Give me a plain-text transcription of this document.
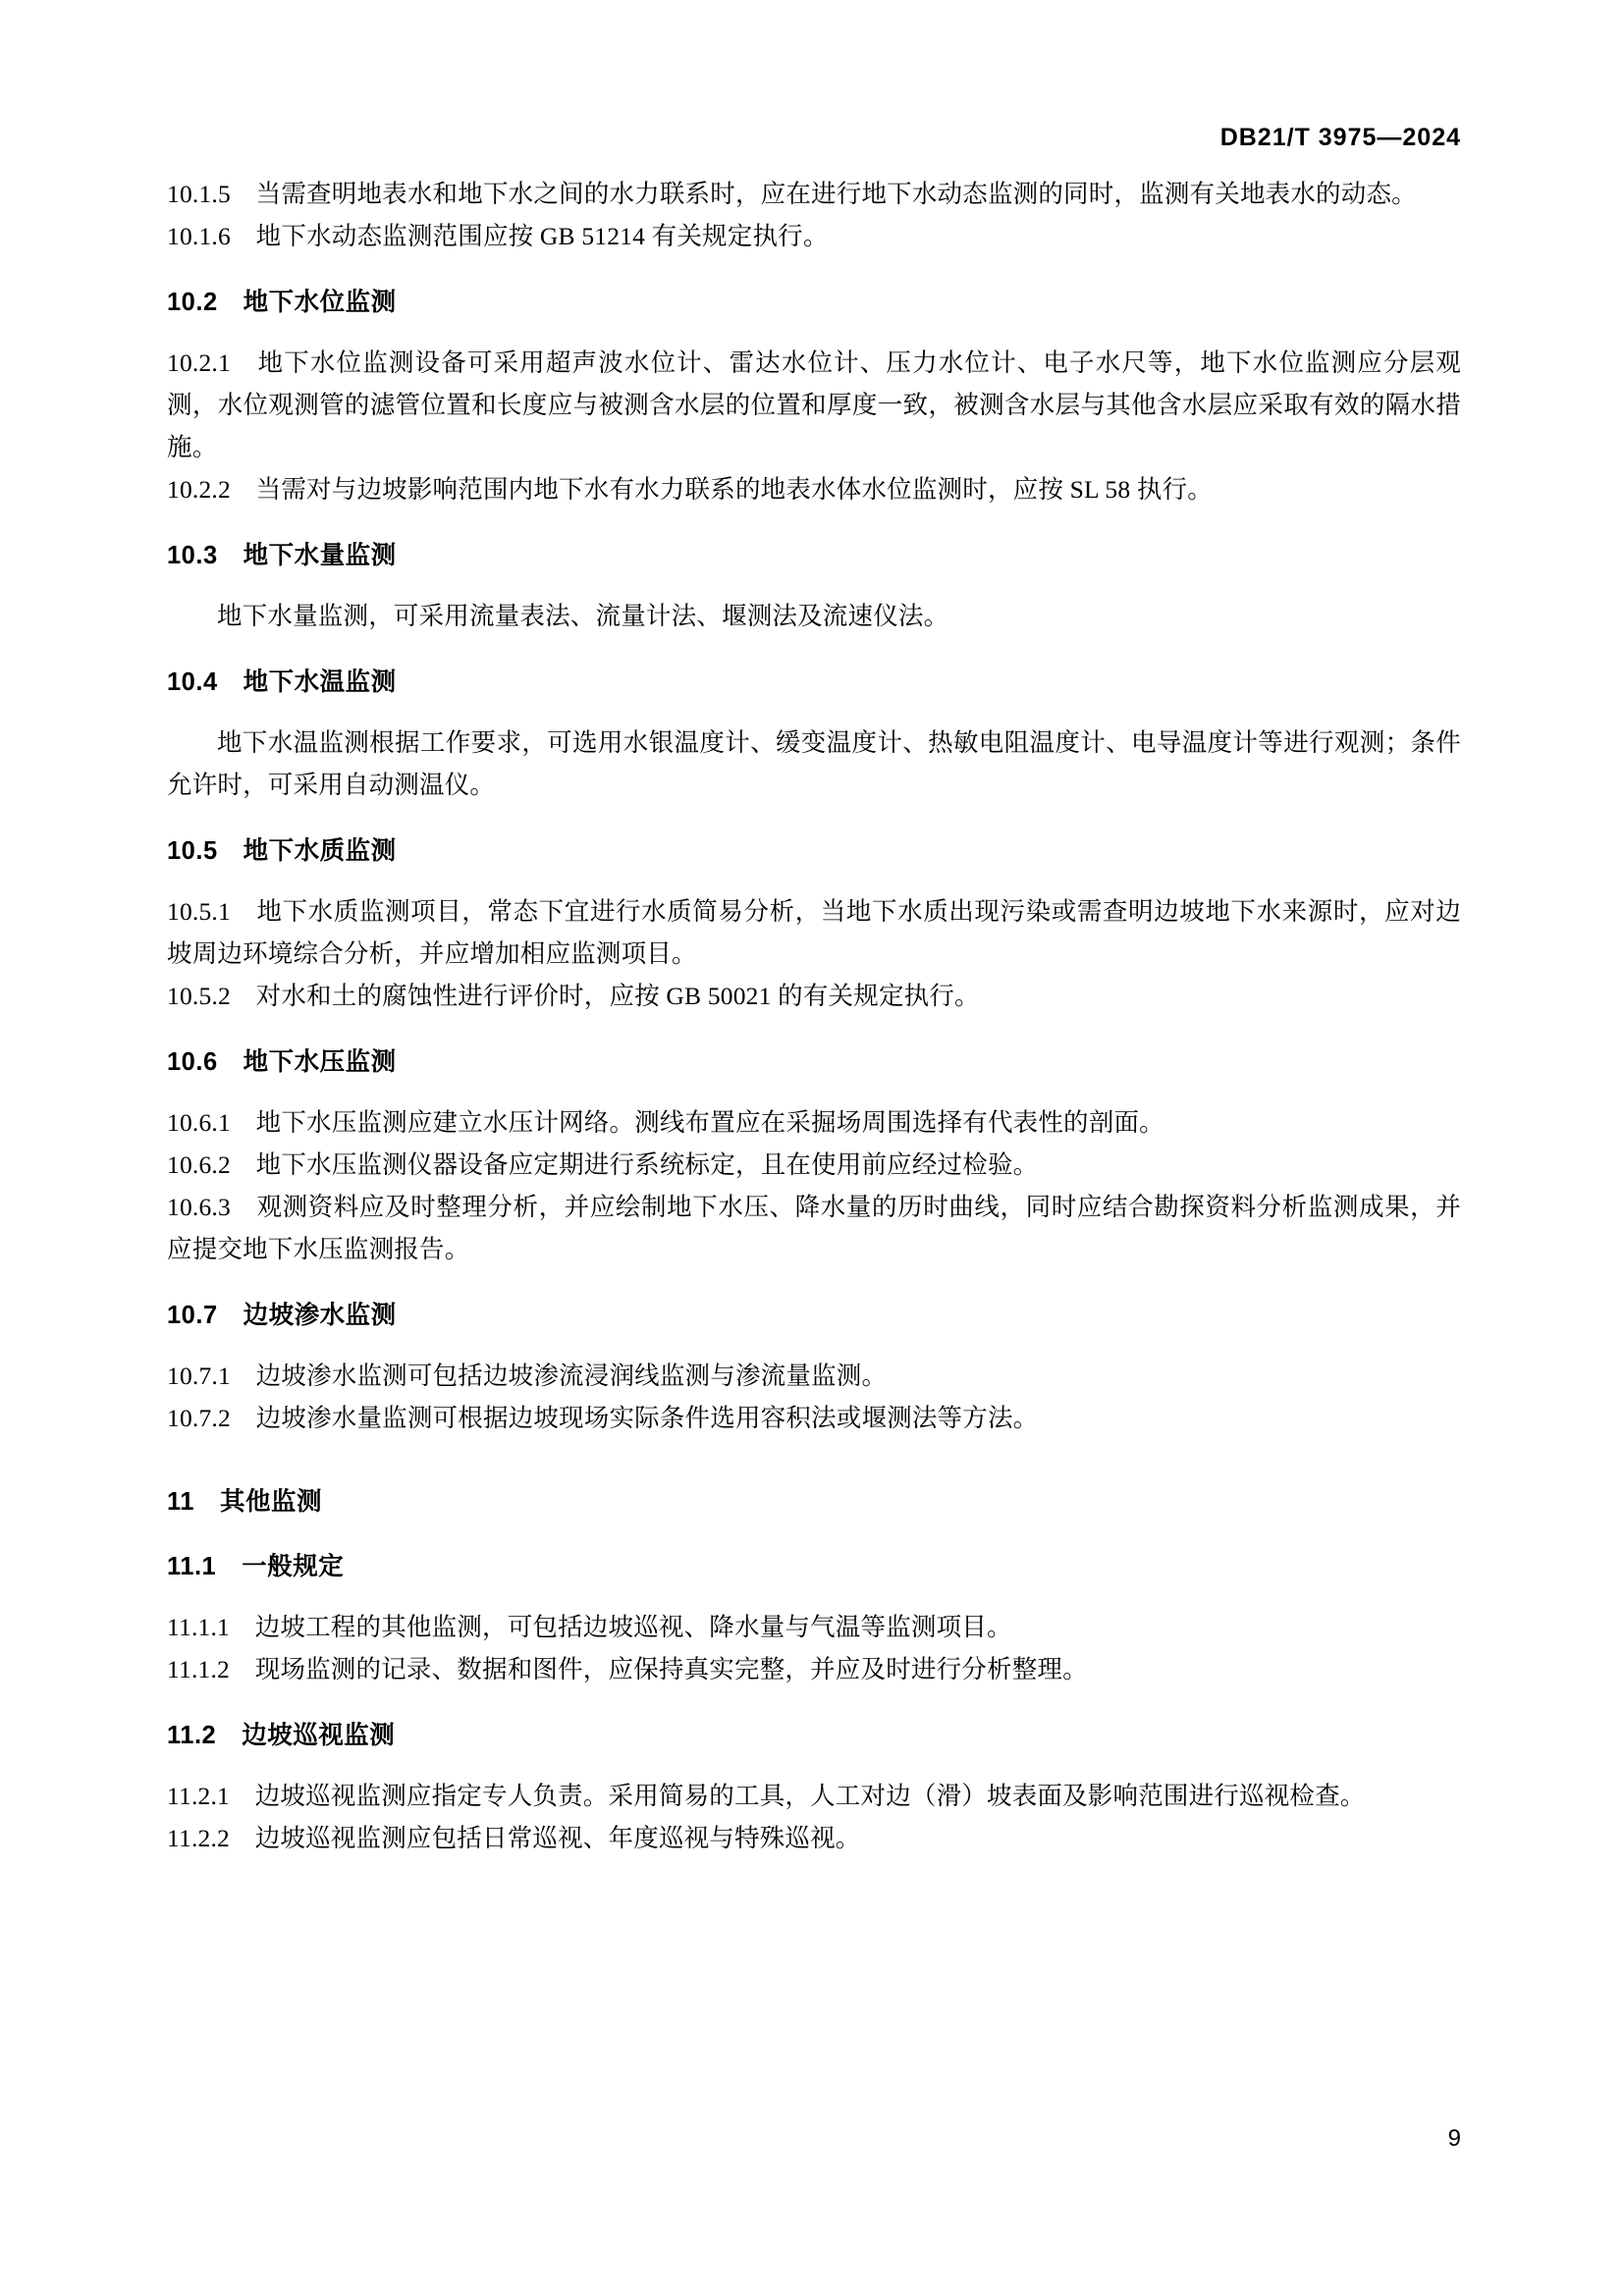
DB21/T 3975—2024

10.1.5　当需查明地表水和地下水之间的水力联系时，应在进行地下水动态监测的同时，监测有关地表水的动态。

10.1.6　地下水动态监测范围应按 GB 51214 有关规定执行。

10.2　地下水位监测

10.2.1　地下水位监测设备可采用超声波水位计、雷达水位计、压力水位计、电子水尺等，地下水位监测应分层观测，水位观测管的滤管位置和长度应与被测含水层的位置和厚度一致，被测含水层与其他含水层应采取有效的隔水措施。

10.2.2　当需对与边坡影响范围内地下水有水力联系的地表水体水位监测时，应按 SL 58 执行。

10.3　地下水量监测

地下水量监测，可采用流量表法、流量计法、堰测法及流速仪法。

10.4　地下水温监测

地下水温监测根据工作要求，可选用水银温度计、缓变温度计、热敏电阻温度计、电导温度计等进行观测；条件允许时，可采用自动测温仪。

10.5　地下水质监测

10.5.1　地下水质监测项目，常态下宜进行水质简易分析，当地下水质出现污染或需查明边坡地下水来源时，应对边坡周边环境综合分析，并应增加相应监测项目。

10.5.2　对水和土的腐蚀性进行评价时，应按 GB 50021 的有关规定执行。

10.6　地下水压监测

10.6.1　地下水压监测应建立水压计网络。测线布置应在采掘场周围选择有代表性的剖面。

10.6.2　地下水压监测仪器设备应定期进行系统标定，且在使用前应经过检验。

10.6.3　观测资料应及时整理分析，并应绘制地下水压、降水量的历时曲线，同时应结合勘探资料分析监测成果，并应提交地下水压监测报告。

10.7　边坡渗水监测

10.7.1　边坡渗水监测可包括边坡渗流浸润线监测与渗流量监测。

10.7.2　边坡渗水量监测可根据边坡现场实际条件选用容积法或堰测法等方法。

11　其他监测
11.1　一般规定

11.1.1　边坡工程的其他监测，可包括边坡巡视、降水量与气温等监测项目。

11.1.2　现场监测的记录、数据和图件，应保持真实完整，并应及时进行分析整理。

11.2　边坡巡视监测

11.2.1　边坡巡视监测应指定专人负责。采用简易的工具，人工对边（滑）坡表面及影响范围进行巡视检查。

11.2.2　边坡巡视监测应包括日常巡视、年度巡视与特殊巡视。

9
